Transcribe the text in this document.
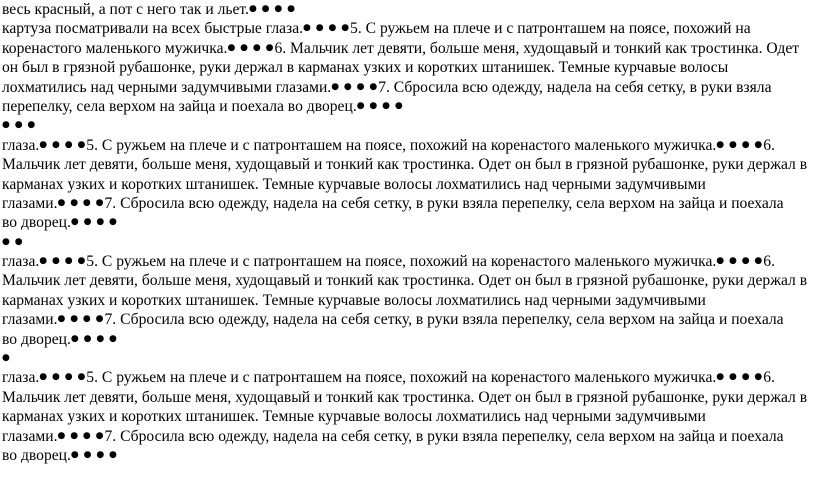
весь красный, а пот с него так и льет.● ● ● ●
картуза посматривали на всех быстрые глаза.● ● ● ●5. С ружьем на плече и с патронташем на поясе, похожий на
коренастого маленького мужичка.● ● ● ●6. Мальчик лет девяти, больше меня, худощавый и тонкий как тростинка. Одет
он был в грязной рубашонке, руки держал в карманах узких и коротких штанишек. Темные курчавые волосы
лохматились над черными задумчивыми глазами.● ● ● ●7. Сбросила всю одежду, надела на себя сетку, в руки взяла
перепелку, села верхом на зайца и поехала во дворец.● ● ● ●
● ● ●
глаза.● ● ● ●5. С ружьем на плече и с патронташем на поясе, похожий на коренастого маленького мужичка.● ● ● ●6.
Мальчик лет девяти, больше меня, худощавый и тонкий как тростинка. Одет он был в грязной рубашонке, руки держал в
карманах узких и коротких штанишек. Темные курчавые волосы лохматились над черными задумчивыми
глазами.● ● ● ●7. Сбросила всю одежду, надела на себя сетку, в руки взяла перепелку, села верхом на зайца и поехала
во дворец.● ● ● ●
● ●
глаза.● ● ● ●5. С ружьем на плече и с патронташем на поясе, похожий на коренастого маленького мужичка.● ● ● ●6.
Мальчик лет девяти, больше меня, худощавый и тонкий как тростинка. Одет он был в грязной рубашонке, руки держал в
карманах узких и коротких штанишек. Темные курчавые волосы лохматились над черными задумчивыми
глазами.● ● ● ●7. Сбросила всю одежду, надела на себя сетку, в руки взяла перепелку, села верхом на зайца и поехала
во дворец.● ● ● ●
●
глаза.● ● ● ●5. С ружьем на плече и с патронташем на поясе, похожий на коренастого маленького мужичка.● ● ● ●6.
Мальчик лет девяти, больше меня, худощавый и тонкий как тростинка. Одет он был в грязной рубашонке, руки держал в
карманах узких и коротких штанишек. Темные курчавые волосы лохматились над черными задумчивыми
глазами.● ● ● ●7. Сбросила всю одежду, надела на себя сетку, в руки взяла перепелку, села верхом на зайца и поехала
во дворец.● ● ● ●
